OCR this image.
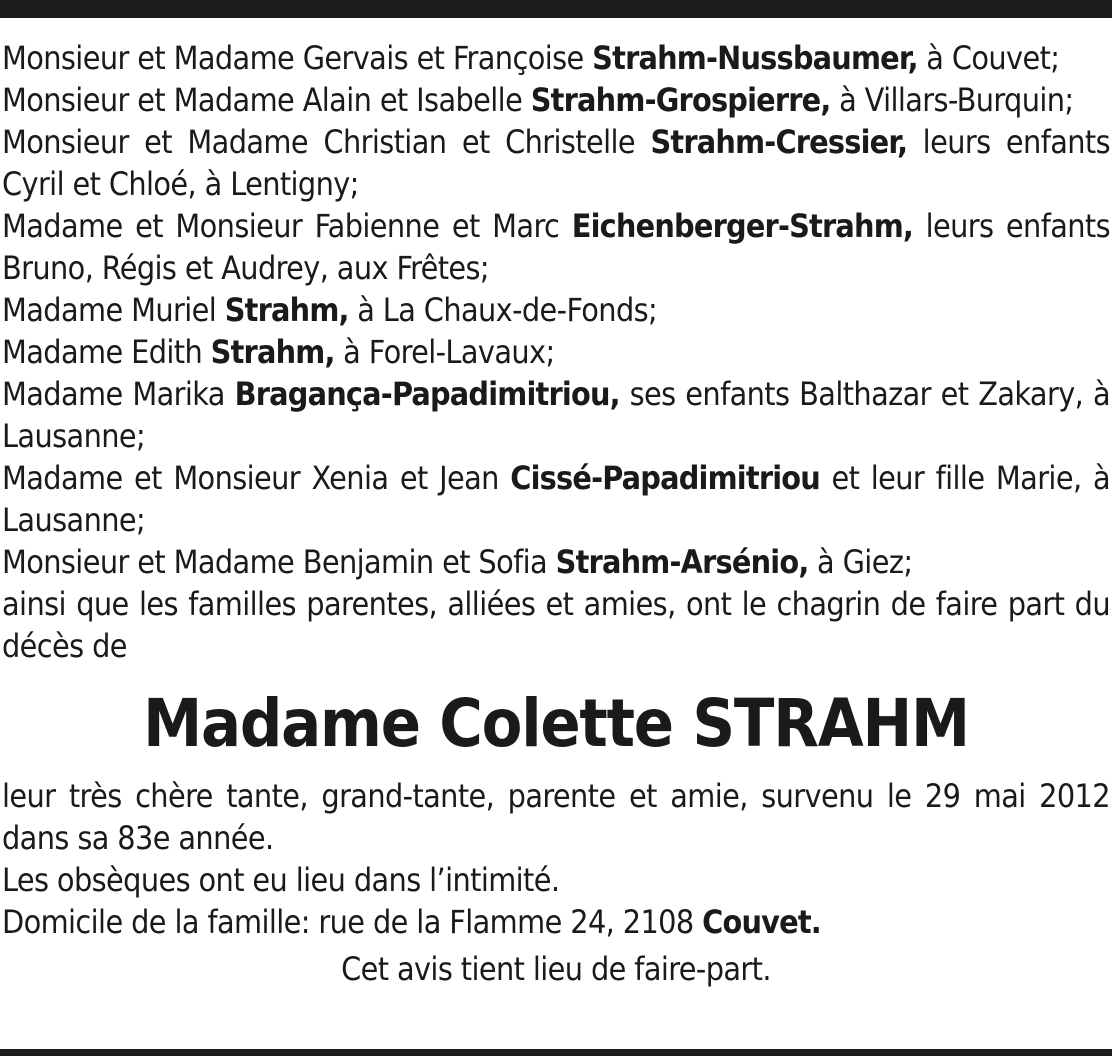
Monsieur et Madame Gervais et Françoise Strahm-Nussbaumer, à Couvet;

Monsieur et Madame Alain et Isabelle Strahm-Grospierre, à Villars-Burquin;

Monsieur et Madame Christian et Christelle Strahm-Cressier, leurs enfants Cyril et Chloé, à Lentigny;

Madame et Monsieur Fabienne et Marc Eichenberger-Strahm, leurs enfants Bruno, Régis et Audrey, aux Frêtes;

Madame Muriel Strahm, à La Chaux-de-Fonds;

Madame Edith Strahm, à Forel-Lavaux;

Madame Marika Bragança-Papadimitriou, ses enfants Balthazar et Zakary, à Lausanne;

Madame et Monsieur Xenia et Jean Cissé-Papadimitriou et leur fille Marie, à Lausanne;

Monsieur et Madame Benjamin et Sofia Strahm-Arsénio, à Giez;

ainsi que les familles parentes, alliées et amies, ont le chagrin de faire part du décès de

Madame Colette STRAHM

leur très chère tante, grand-tante, parente et amie, survenu le 29 mai 2012 dans sa 83e année.

Les obsèques ont eu lieu dans l’intimité.

Domicile de la famille: rue de la Flamme 24, 2108 Couvet.

Cet avis tient lieu de faire-part.
